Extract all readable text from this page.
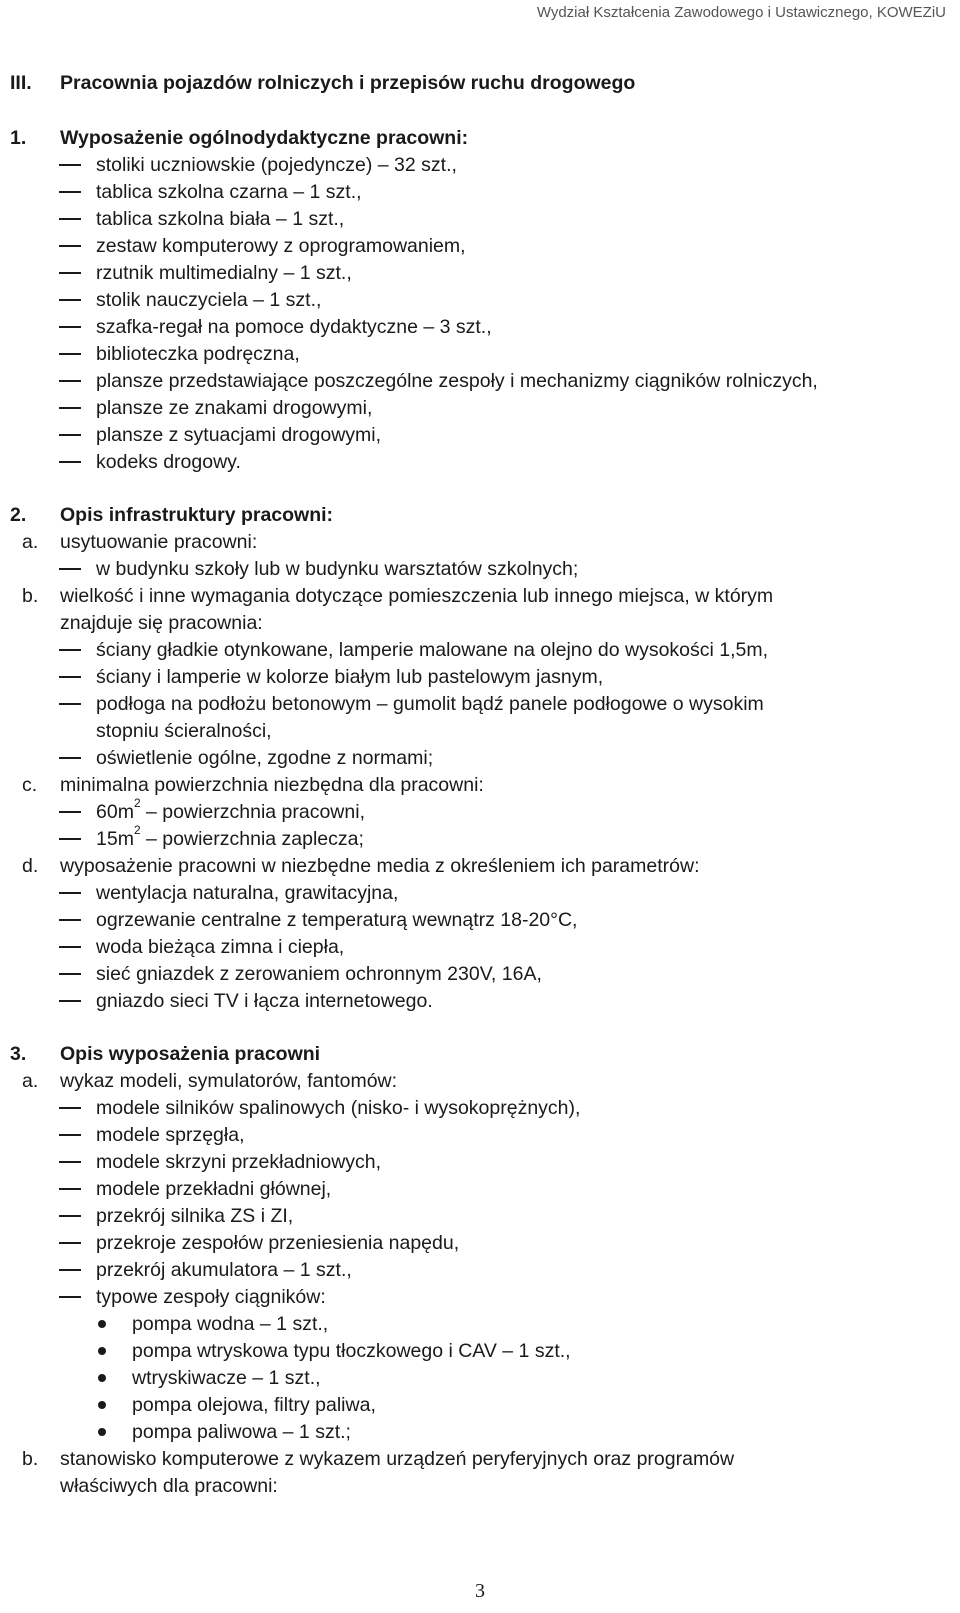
Wydział Kształcenia Zawodowego i Ustawicznego, KOWEZiU
III. Pracownia pojazdów rolniczych i przepisów ruchu drogowego
1. Wyposażenie ogólnodydaktyczne pracowni:
stoliki uczniowskie (pojedyncze) – 32 szt.,
tablica szkolna czarna – 1 szt.,
tablica szkolna biała – 1 szt.,
zestaw komputerowy z oprogramowaniem,
rzutnik multimedialny – 1 szt.,
stolik nauczyciela – 1 szt.,
szafka-regał na pomoce dydaktyczne – 3 szt.,
biblioteczka podręczna,
plansze przedstawiające poszczególne zespoły i mechanizmy ciągników rolniczych,
plansze ze znakami drogowymi,
plansze z sytuacjami drogowymi,
kodeks drogowy.
2. Opis infrastruktury pracowni:
a. usytuowanie pracowni:
w budynku szkoły lub w budynku warsztatów szkolnych;
b. wielkość i inne wymagania dotyczące pomieszczenia lub innego miejsca, w którym
znajduje się pracownia:
ściany gładkie otynkowane, lamperie malowane na olejno do wysokości 1,5m,
ściany i lamperie w kolorze białym lub pastelowym jasnym,
podłoga na podłożu betonowym – gumolit bądź panele podłogowe o wysokim
stopniu ścieralności,
oświetlenie ogólne, zgodne z normami;
c. minimalna powierzchnia niezbędna dla pracowni:
$60m^2$ – powierzchnia pracowni,
$15m^2$ – powierzchnia zaplecza;
d. wyposażenie pracowni w niezbędne media z określeniem ich parametrów:
wentylacja naturalna, grawitacyjna,
ogrzewanie centralne z temperaturą wewnątrz 18-20°C,
woda bieżąca zimna i ciepła,
sieć gniazdek z zerowaniem ochronnym 230V, 16A,
gniazdo sieci TV i łącza internetowego.
3. Opis wyposażenia pracowni
a. wykaz modeli, symulatorów, fantomów:
modele silników spalinowych (nisko- i wysokoprężnych),
modele sprzęgła,
modele skrzyni przekładniowych,
modele przekładni głównej,
przekrój silnika ZS i ZI,
przekroje zespołów przeniesienia napędu,
przekrój akumulatora – 1 szt.,
typowe zespoły ciągników:
pompa wodna – 1 szt.,
pompa wtryskowa typu tłoczkowego i CAV – 1 szt.,
wtryskiwacze – 1 szt.,
pompa olejowa, filtry paliwa,
pompa paliwowa – 1 szt.;
b. stanowisko komputerowe z wykazem urządzeń peryferyjnych oraz programów
właściwych dla pracowni:
3
